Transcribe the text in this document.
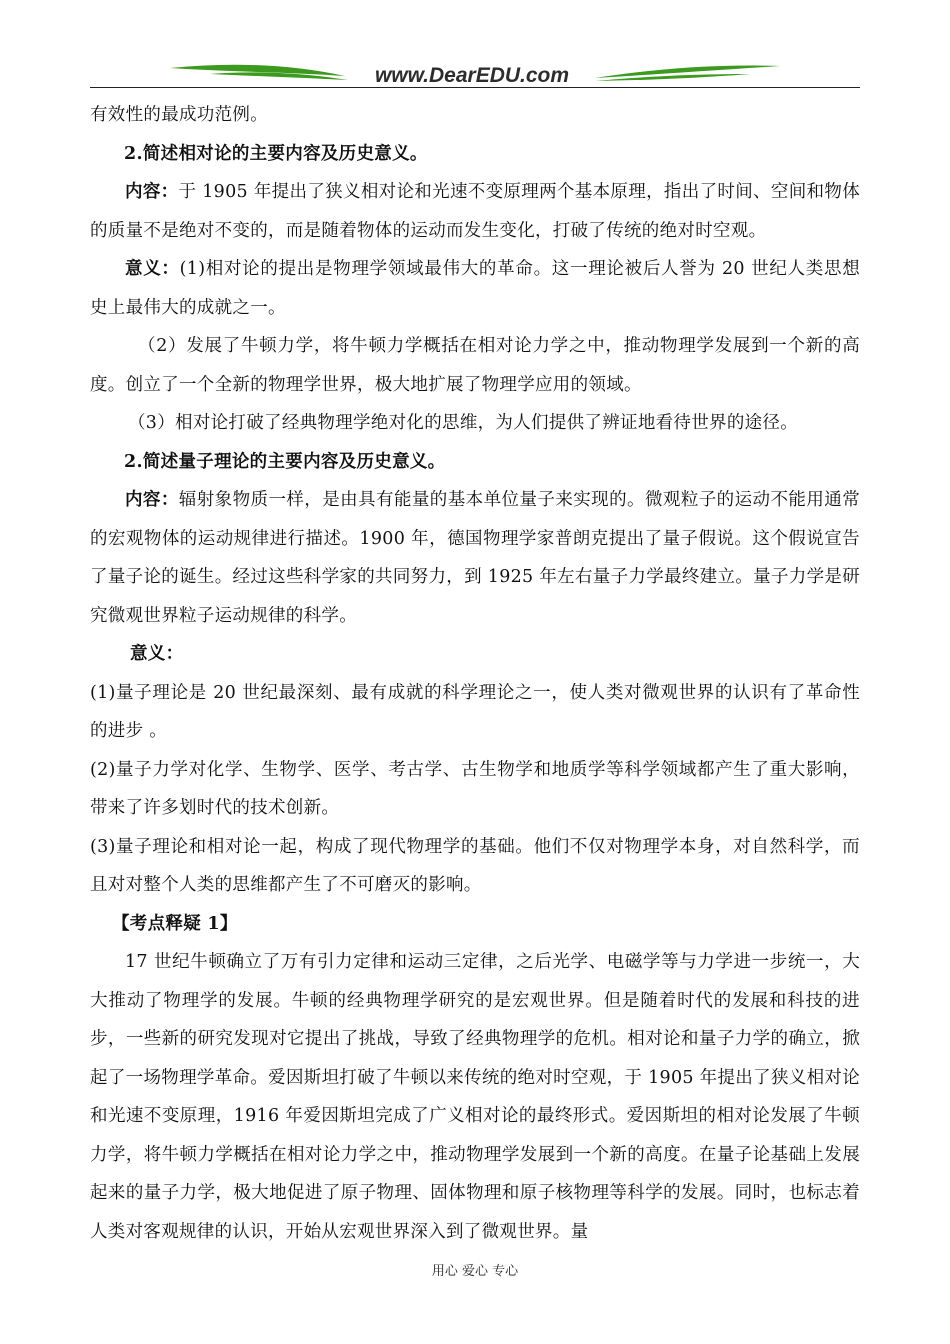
www.DearEDU.com

有效性的最成功范例。

2.简述相对论的主要内容及历史意义。

内容：于 1905 年提出了狭义相对论和光速不变原理两个基本原理，指出了时间、空间和物体的质量不是绝对不变的，而是随着物体的运动而发生变化，打破了传统的绝对时空观。

意义：(1)相对论的提出是物理学领域最伟大的革命。这一理论被后人誉为 20 世纪人类思想史上最伟大的成就之一。

（2）发展了牛顿力学，将牛顿力学概括在相对论力学之中，推动物理学发展到一个新的高度。创立了一个全新的物理学世界，极大地扩展了物理学应用的领域。

（3）相对论打破了经典物理学绝对化的思维，为人们提供了辨证地看待世界的途径。

2.简述量子理论的主要内容及历史意义。

内容：辐射象物质一样，是由具有能量的基本单位量子来实现的。微观粒子的运动不能用通常的宏观物体的运动规律进行描述。1900 年，德国物理学家普朗克提出了量子假说。这个假说宣告了量子论的诞生。经过这些科学家的共同努力，到 1925 年左右量子力学最终建立。量子力学是研究微观世界粒子运动规律的科学。

意义：

(1)量子理论是 20 世纪最深刻、最有成就的科学理论之一，使人类对微观世界的认识有了革命性的进步 。

(2)量子力学对化学、生物学、医学、考古学、古生物学和地质学等科学领域都产生了重大影响，带来了许多划时代的技术创新。

(3)量子理论和相对论一起，构成了现代物理学的基础。他们不仅对物理学本身，对自然科学，而且对对整个人类的思维都产生了不可磨灭的影响。

【考点释疑 1】

17 世纪牛顿确立了万有引力定律和运动三定律，之后光学、电磁学等与力学进一步统一，大大推动了物理学的发展。牛顿的经典物理学研究的是宏观世界。但是随着时代的发展和科技的进步，一些新的研究发现对它提出了挑战，导致了经典物理学的危机。相对论和量子力学的确立，掀起了一场物理学革命。爱因斯坦打破了牛顿以来传统的绝对时空观，于 1905 年提出了狭义相对论和光速不变原理，1916 年爱因斯坦完成了广义相对论的最终形式。爱因斯坦的相对论发展了牛顿力学，将牛顿力学概括在相对论力学之中，推动物理学发展到一个新的高度。在量子论基础上发展起来的量子力学，极大地促进了原子物理、固体物理和原子核物理等科学的发展。同时，也标志着人类对客观规律的认识，开始从宏观世界深入到了微观世界。量

用心 爱心 专心
